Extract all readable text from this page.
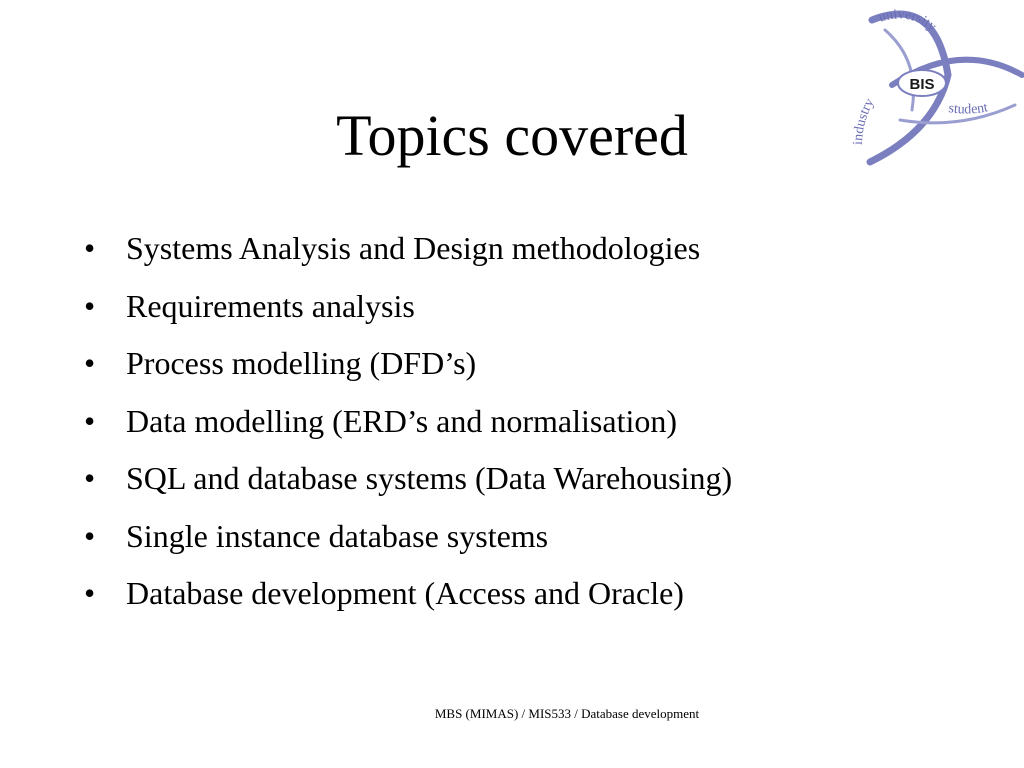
BIS
university
industry	student
Topics covered
• Systems Analysis and Design methodologies
• Requirements analysis
• Process modelling (DFD’s)
• Data modelling (ERD’s and normalisation)
• SQL and database systems (Data Warehousing)
• Single instance database systems
• Database development (Access and Oracle)
MBS (MIMAS) / MIS533 / Database development
